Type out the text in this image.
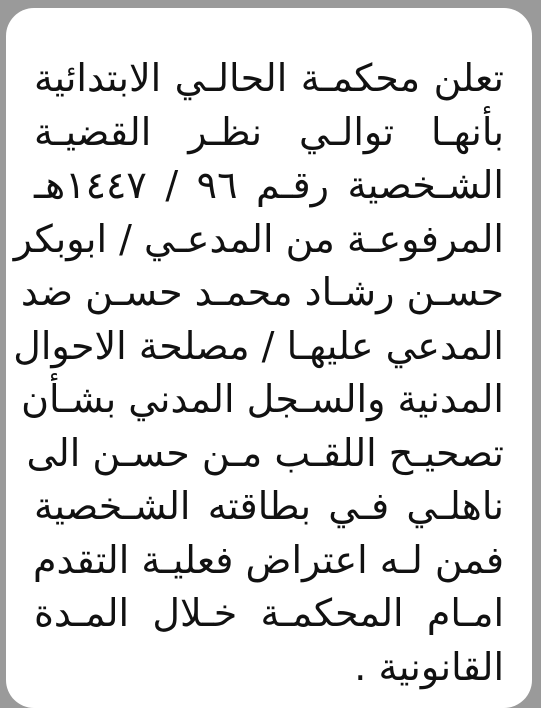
تعلن محكمـة الحالـي الابتدائية
بأنهـا توالـي نظـر القضيـة
الشـخصية رقـم ٩٦ / ١٤٤٧هـ
المرفوعـة من المدعـي / ابوبكر
حسـن رشـاد محمـد حسـن ضد
المدعي عليهـا / مصلحة الاحوال
المدنية والسـجل المدني بشـأن
تصحيـح اللقـب مـن حسـن الى
ناهلـي فـي بطاقته الشـخصية
فمن لـه اعتراض فعليـة التقدم
امـام المحكمـة خـلال المـدة
القانونية .
